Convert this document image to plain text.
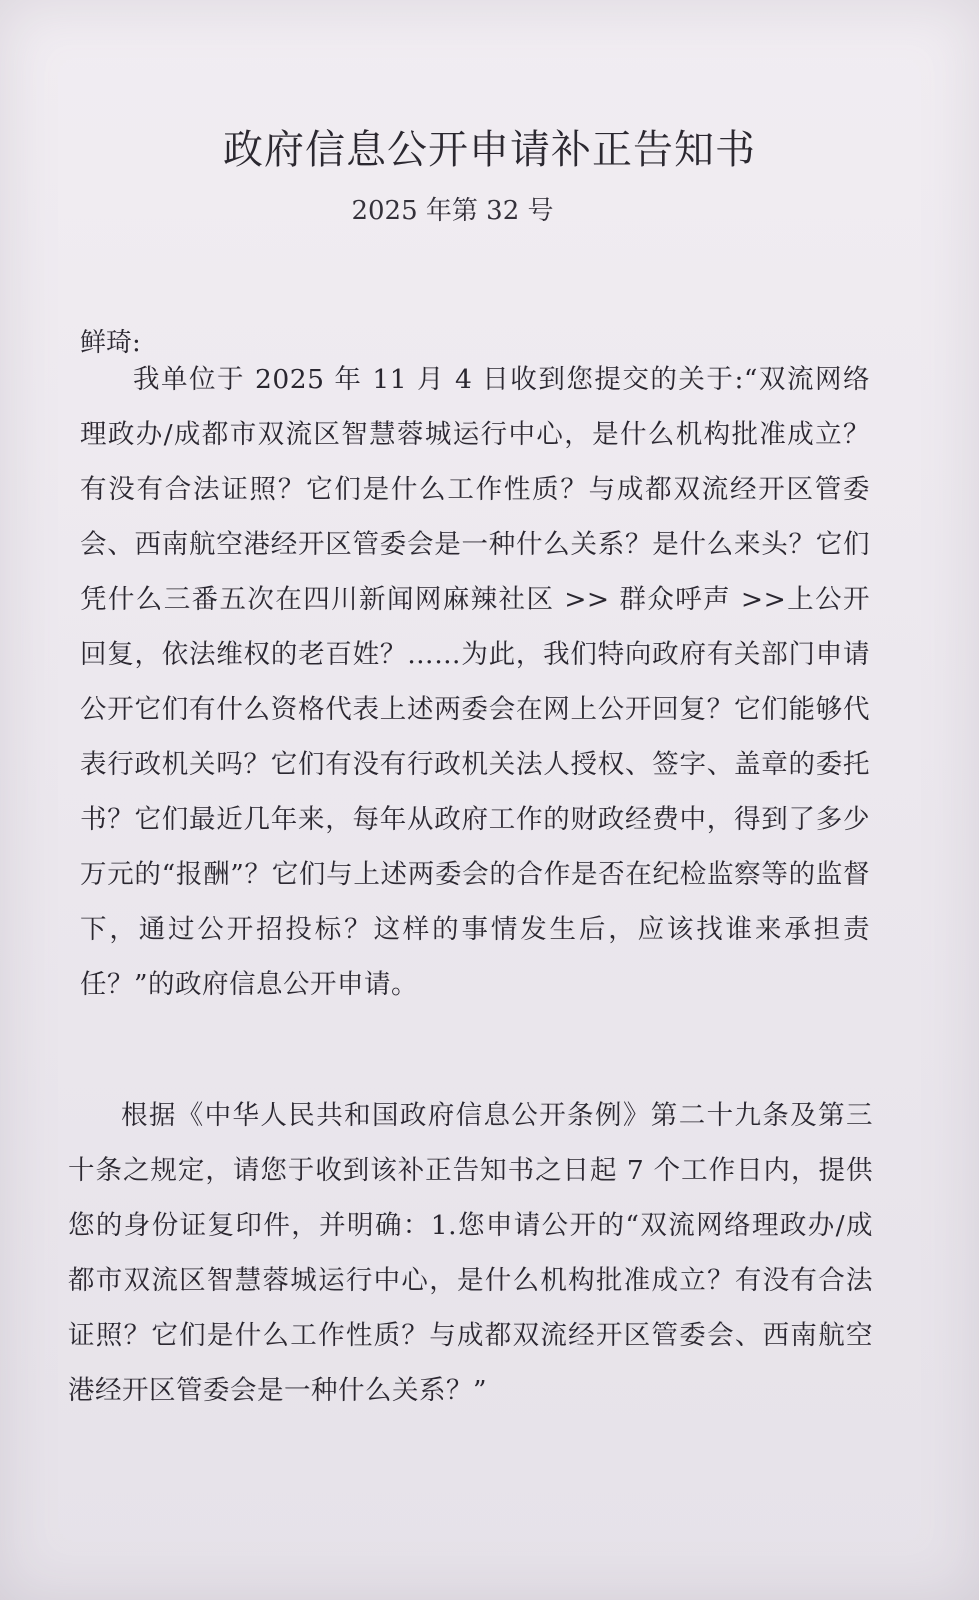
政府信息公开申请补正告知书

2025 年第 32 号

鲜琦:

我单位于 2025 年 11 月 4 日收到您提交的关于:“双流网络理政办/成都市双流区智慧蓉城运行中心，是什么机构批准成立？有没有合法证照？它们是什么工作性质？与成都双流经开区管委会、西南航空港经开区管委会是一种什么关系？是什么来头？它们凭什么三番五次在四川新闻网麻辣社区 >> 群众呼声 >>上公开回复，依法维权的老百姓？……为此，我们特向政府有关部门申请公开它们有什么资格代表上述两委会在网上公开回复？它们能够代表行政机关吗？它们有没有行政机关法人授权、签字、盖章的委托书？它们最近几年来，每年从政府工作的财政经费中，得到了多少万元的“报酬”？它们与上述两委会的合作是否在纪检监察等的监督下，通过公开招投标？这样的事情发生后，应该找谁来承担责任？”的政府信息公开申请。

根据《中华人民共和国政府信息公开条例》第二十九条及第三十条之规定，请您于收到该补正告知书之日起 7 个工作日内，提供您的身份证复印件，并明确：1.您申请公开的“双流网络理政办/成都市双流区智慧蓉城运行中心，是什么机构批准成立？有没有合法证照？它们是什么工作性质？与成都双流经开区管委会、西南航空港经开区管委会是一种什么关系？”
